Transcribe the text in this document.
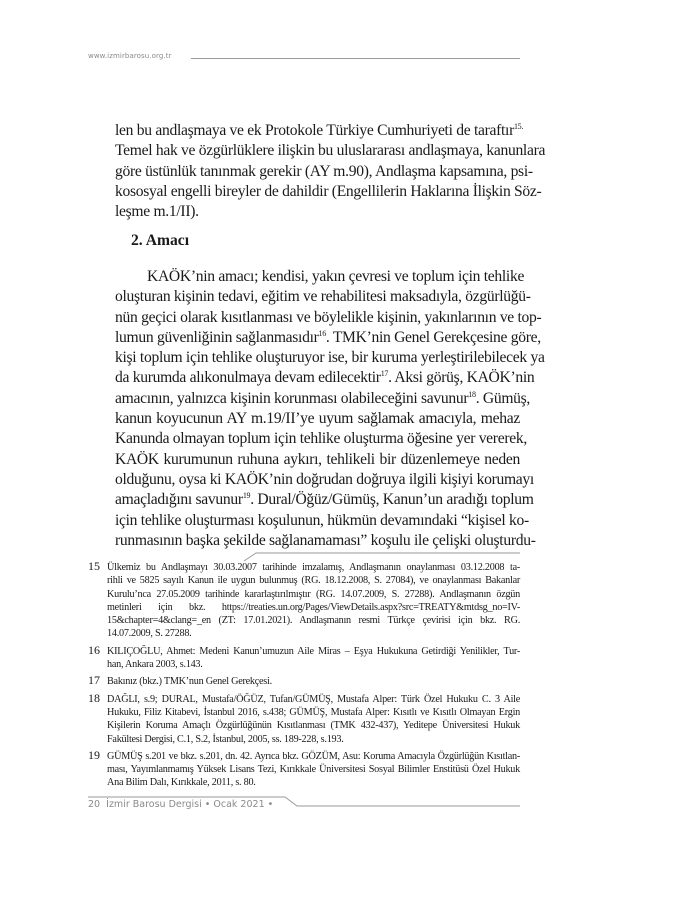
www.izmirbarosu.org.tr
len bu andlaşmaya ve ek Protokole Türkiye Cumhuriyeti de taraftır$^{15.}$
Temel hak ve özgürlüklere ilişkin bu uluslararası andlaşmaya, kanunlara
göre üstünlük tanınmak gerekir (AY m.90), Andlaşma kapsamına, psi-
kososyal engelli bireyler de dahildir (Engellilerin Haklarına İlişkin Söz-
leşme m.1/II).
2. Amacı
KAÖK’nin amacı; kendisi, yakın çevresi ve toplum için tehlike
oluşturan kişinin tedavi, eğitim ve rehabilitesi maksadıyla, özgürlüğü-
nün geçici olarak kısıtlanması ve böylelikle kişinin, yakınlarının ve top-
lumun güvenliğinin sağlanmasıdır$^{16}$. TMK’nin Genel Gerekçesine göre,
kişi toplum için tehlike oluşturuyor ise, bir kuruma yerleştirilebilecek ya
da kurumda alıkonulmaya devam edilecektir$^{17}$. Aksi görüş, KAÖK’nin
amacının, yalnızca kişinin korunması olabileceğini savunur$^{18}$. Gümüş,
kanun koyucunun AY m.19/II’ye uyum sağlamak amacıyla, mehaz
Kanunda olmayan toplum için tehlike oluşturma öğesine yer vererek,
KAÖK kurumunun ruhuna aykırı, tehlikeli bir düzenlemeye neden
olduğunu, oysa ki KAÖK’nin doğrudan doğruya ilgili kişiyi korumayı
amaçladığını savunur$^{19}$. Dural/Öğüz/Gümüş, Kanun’un aradığı toplum
için tehlike oluşturması koşulunun, hükmün devamındaki “kişisel ko-
runmasının başka şekilde sağlanamaması” koşulu ile çelişki oluşturdu-
15 Ülkemiz bu Andlaşmayı 30.03.2007 tarihinde imzalamış, Andlaşmanın onaylanması 03.12.2008 ta-
rihli ve 5825 sayılı Kanun ile uygun bulunmuş (RG. 18.12.2008, S. 27084), ve onaylanması Bakanlar
Kurulu’nca 27.05.2009 tarihinde kararlaştırılmıştır (RG. 14.07.2009, S. 27288). Andlaşmanın özgün
metinleri için bkz. https://treaties.un.org/Pages/ViewDetails.aspx?src=TREATY&mtdsg_no=IV-
15&chapter=4&clang=_en (ZT: 17.01.2021). Andlaşmanın resmi Türkçe çevirisi için bkz. RG.
14.07.2009, S. 27288.
16 KILIÇOĞLU, Ahmet: Medeni Kanun’umuzun Aile Miras – Eşya Hukukuna Getirdiği Yenilikler, Tur-
han, Ankara 2003, s.143.
17 Bakınız (bkz.) TMK’nun Genel Gerekçesi.
18 DAĞLI, s.9; DURAL, Mustafa/ÖĞÜZ, Tufan/GÜMÜŞ, Mustafa Alper: Türk Özel Hukuku C. 3 Aile
Hukuku, Filiz Kitabevi, İstanbul 2016, s.438; GÜMÜŞ, Mustafa Alper: Kısıtlı ve Kısıtlı Olmayan Ergin
Kişilerin Koruma Amaçlı Özgürlüğünün Kısıtlanması (TMK 432-437), Yeditepe Üniversitesi Hukuk
Fakültesi Dergisi, C.1, S.2, İstanbul, 2005, ss. 189-228, s.193.
19 GÜMÜŞ s.201 ve bkz. s.201, dn. 42. Ayrıca bkz. GÖZÜM, Asu: Koruma Amacıyla Özgürlüğün Kısıtlan-
ması, Yayımlanmamış Yüksek Lisans Tezi, Kırıkkale Üniversitesi Sosyal Bilimler Enstitüsü Özel Hukuk
Ana Bilim Dalı, Kırıkkale, 2011, s. 80.
20 İzmir Barosu Dergisi • Ocak 2021 •
